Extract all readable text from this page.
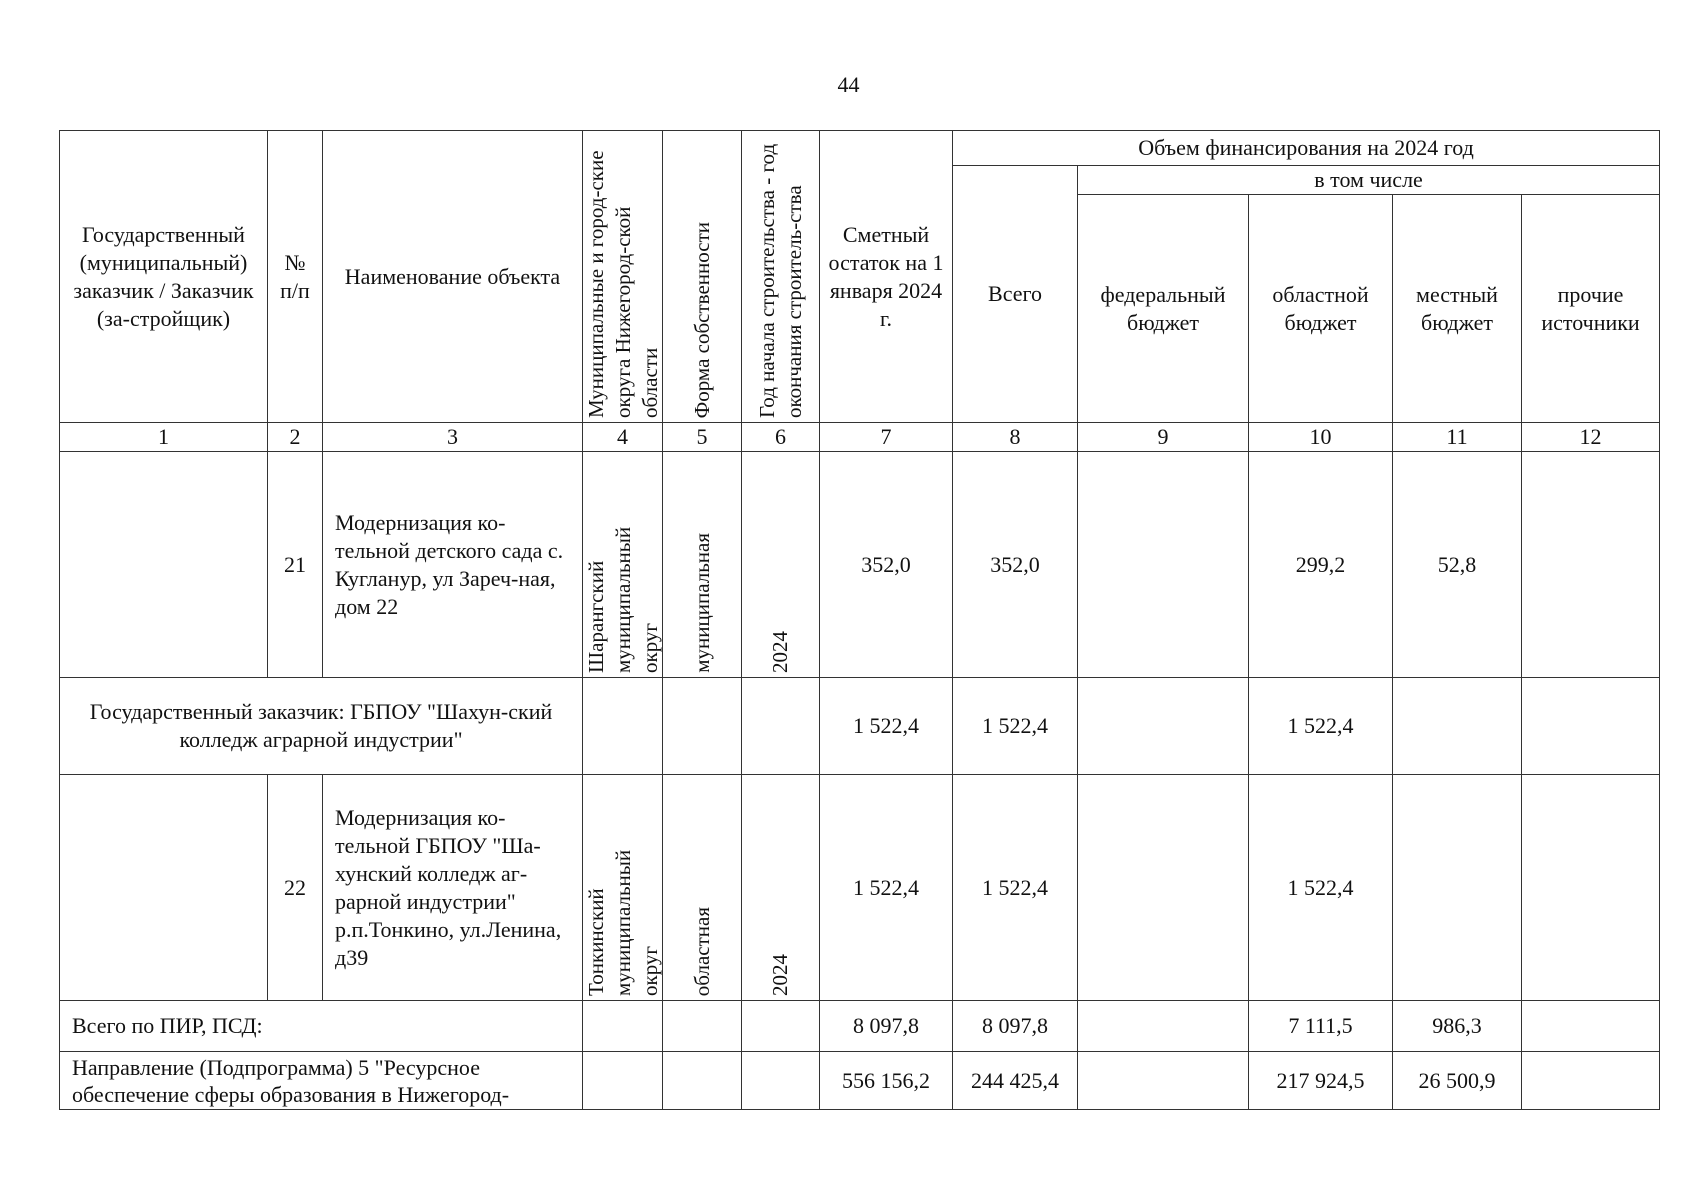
44
Государственный (муниципальный) заказчик / Заказчик (за-стройщик)	№ п/п	Наименование объекта	Муниципальные и город-ские округа Нижегород-ской области	Форма собственности	Год начала строительства - год окончания строитель-ства	Сметный остаток на 1 января 2024 г.	Объем финансирования на 2024 год				
							Всего	в том числе			
								федеральный бюджет	областной бюджет	местный бюджет	прочие источники
1	2	3	4	5	6	7	8	9	10	11	12
	21	Модернизация ко-тельной детского сада с. Кугланур, ул Зареч-ная, дом 22	Шарангский муниципальный округ	муниципальная	2024	352,0	352,0		299,2	52,8	
Государственный заказчик: ГБПОУ "Шахун-ский колледж аграрной индустрии"						1 522,4	1 522,4		1 522,4		
	22	Модернизация ко-тельной ГБПОУ "Ша-хунский колледж аг-рарной индустрии" р.п.Тонкино, ул.Ленина, д39	Тонкинский муниципальный округ	областная	2024	1 522,4	1 522,4		1 522,4		
Всего по ПИР, ПСД:						8 097,8	8 097,8		7 111,5	986,3	
Направление (Подпрограмма) 5 "Ресурсное обеспечение сферы образования в Нижегород-						556 156,2	244 425,4		217 924,5	26 500,9	
